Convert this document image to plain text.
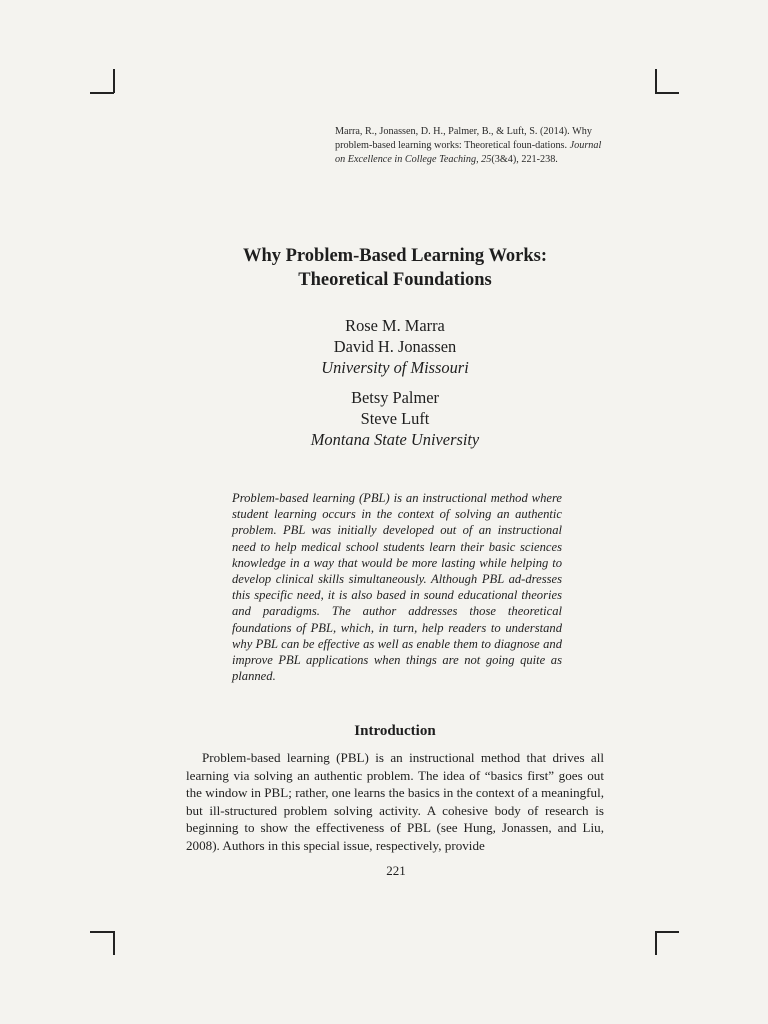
Marra, R., Jonassen, D. H., Palmer, B., & Luft, S. (2014). Why problem-based learning works: Theoretical foun-dations. Journal on Excellence in College Teaching, 25(3&4), 221-238.
Why Problem-Based Learning Works:
Theoretical Foundations
Rose M. Marra
David H. Jonassen
University of Missouri
Betsy Palmer
Steve Luft
Montana State University
Problem-based learning (PBL) is an instructional method where student learning occurs in the context of solving an authentic problem. PBL was initially developed out of an instructional need to help medical school students learn their basic sciences knowledge in a way that would be more lasting while helping to develop clinical skills simultaneously. Although PBL ad-dresses this specific need, it is also based in sound educational theories and paradigms. The author addresses those theoretical foundations of PBL, which, in turn, help readers to understand why PBL can be effective as well as enable them to diagnose and improve PBL applications when things are not going quite as planned.
Introduction
Problem-based learning (PBL) is an instructional method that drives all learning via solving an authentic problem. The idea of “basics first” goes out the window in PBL; rather, one learns the basics in the context of a meaningful, but ill-structured problem solving activity. A cohesive body of research is beginning to show the effectiveness of PBL (see Hung, Jonassen, and Liu, 2008). Authors in this special issue, respectively, provide
221
